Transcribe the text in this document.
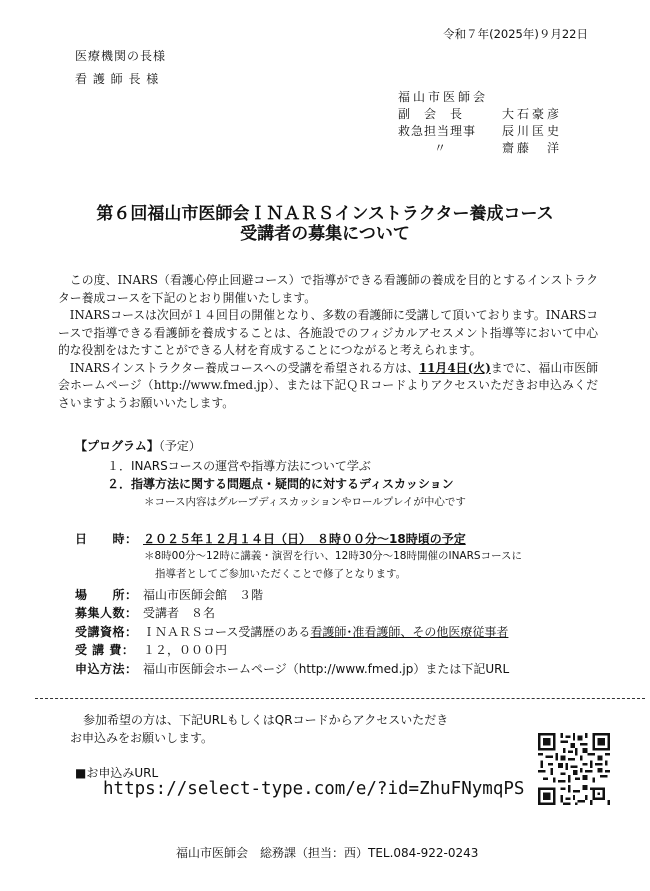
令和７年(2025年)９月22日
医療機関の長様
看 護 師 長 様
福山市医師会
副　会　長	大石豪彦
救急担当理事 辰川匡史
〃	齋藤　洋
第６回福山市医師会ＩＮＡＲＳインストラクター養成コース
受講者の募集について

この度、INARS（看護心停止回避コース）で指導ができる看護師の養成を目的とするインストラクター養成コースを下記のとおり開催いたします。

INARSコースは次回が１４回目の開催となり、多数の看護師に受講して頂いております。INARSコースで指導できる看護師を養成することは、各施設でのフィジカルアセスメント指導等において中心的な役割をはたすことができる人材を育成することにつながると考えられます。

INARSインストラクター養成コースへの受講を希望される方は、11月4日(火)までに、福山市医師会ホームページ（http://www.fmed.jp）、または下記ＱＲコードよりアクセスいただきお申込みくださいますようお願いいたします。

【プログラム】（予定）
１．INARSコースの運営や指導方法について学ぶ
２．指導方法に関する問題点・疑問的に対するディスカッション
＊コース内容はグループディスカッションやロールプレイが中心です
日　　時： ２０２５年１２月１４日（日）　８時００分～18時頃の予定
＊8時00分～12時に講義・演習を行い、12時30分～18時開催のINARSコースに
指導者としてご参加いただくことで修了となります。
場　　所： 福山市医師会館　３階
募集人数： 受講者　８名
受講資格： ＩＮＡＲＳコース受講歴のある看護師･准看護師、その他医療従事者
受 講 費： １２，０００円
申込方法： 福山市医師会ホームページ（http://www.fmed.jp）または下記URL
参加希望の方は、下記URLもしくはQRコードからアクセスいただき
お申込みをお願いします。
■お申込みURL
https://select-type.com/e/?id=ZhuFNymqPS
福山市医師会　総務課（担当：西）TEL.084-922-0243
